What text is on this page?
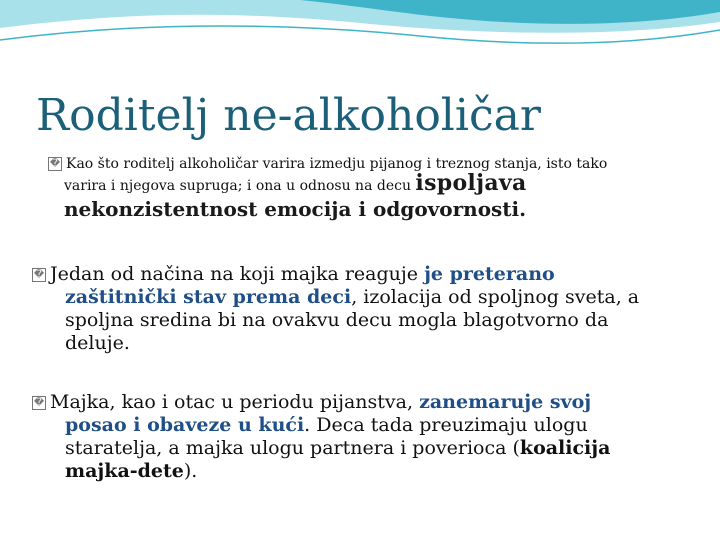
Roditelj ne-alkoholičar
� Kao što roditelj alkoholičar varira izmedju pijanog i treznog stanja, isto tako
varira i njegova supruga; i ona u odnosu na decu ispoljava
nekonzistentnost emocija i odgovornosti.
� Jedan od načina na koji majka reaguje je preterano
zaštitnički stav prema deci, izolacija od spoljnog sveta, a
spoljna sredina bi na ovakvu decu mogla blagotvorno da
deluje.
� Majka, kao i otac u periodu pijanstva, zanemaruje svoj
posao i obaveze u kući. Deca tada preuzimaju ulogu
staratelja, a majka ulogu partnera i poverioca (koalicija
majka-dete).
